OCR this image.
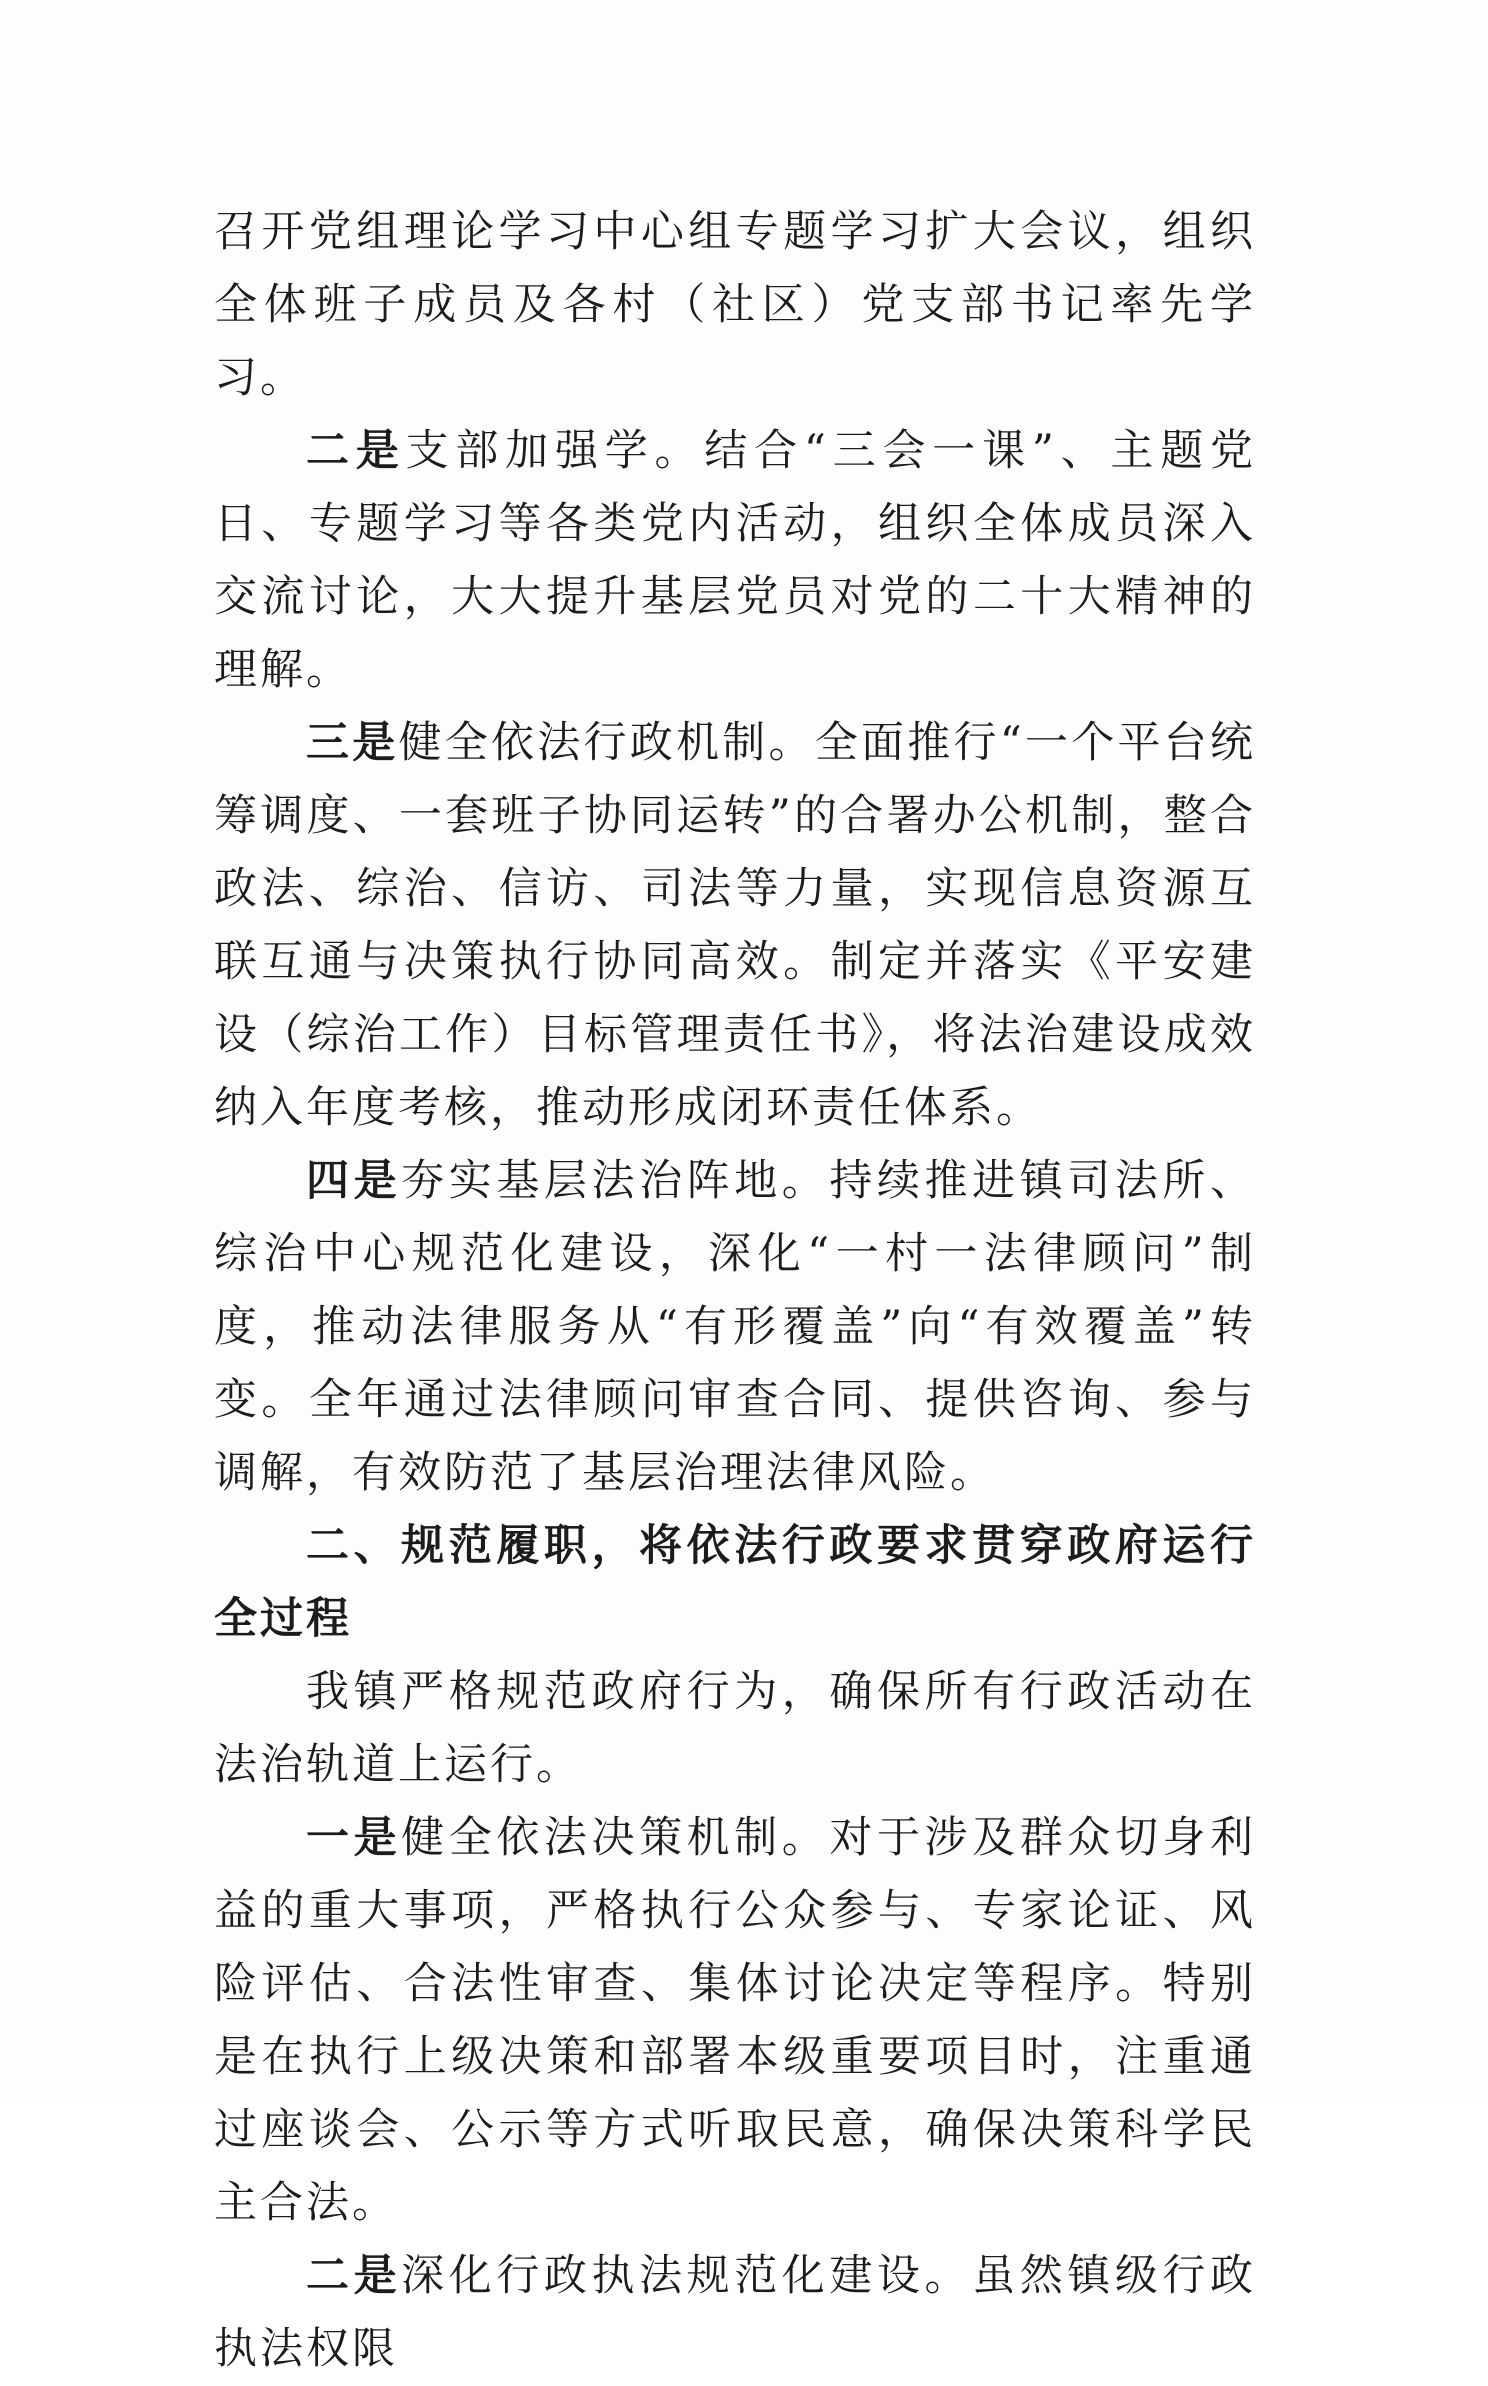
召开党组理论学习中心组专题学习扩大会议，组织全体班子成员及各村（社区）党支部书记率先学习。

二是支部加强学。结合“三会一课”、主题党日、专题学习等各类党内活动，组织全体成员深入交流讨论，大大提升基层党员对党的二十大精神的理解。

三是健全依法行政机制。全面推行“一个平台统筹调度、一套班子协同运转”的合署办公机制，整合政法、综治、信访、司法等力量，实现信息资源互联互通与决策执行协同高效。制定并落实《平安建设（综治工作）目标管理责任书》，将法治建设成效纳入年度考核，推动形成闭环责任体系。

四是夯实基层法治阵地。持续推进镇司法所、综治中心规范化建设，深化“一村一法律顾问”制度，推动法律服务从“有形覆盖”向“有效覆盖”转变。全年通过法律顾问审查合同、提供咨询、参与调解，有效防范了基层治理法律风险。

二、规范履职，将依法行政要求贯穿政府运行全过程

我镇严格规范政府行为，确保所有行政活动在法治轨道上运行。

一是健全依法决策机制。对于涉及群众切身利益的重大事项，严格执行公众参与、专家论证、风险评估、合法性审查、集体讨论决定等程序。特别是在执行上级决策和部署本级重要项目时，注重通过座谈会、公示等方式听取民意，确保决策科学民主合法。

二是深化行政执法规范化建设。虽然镇级行政执法权限
